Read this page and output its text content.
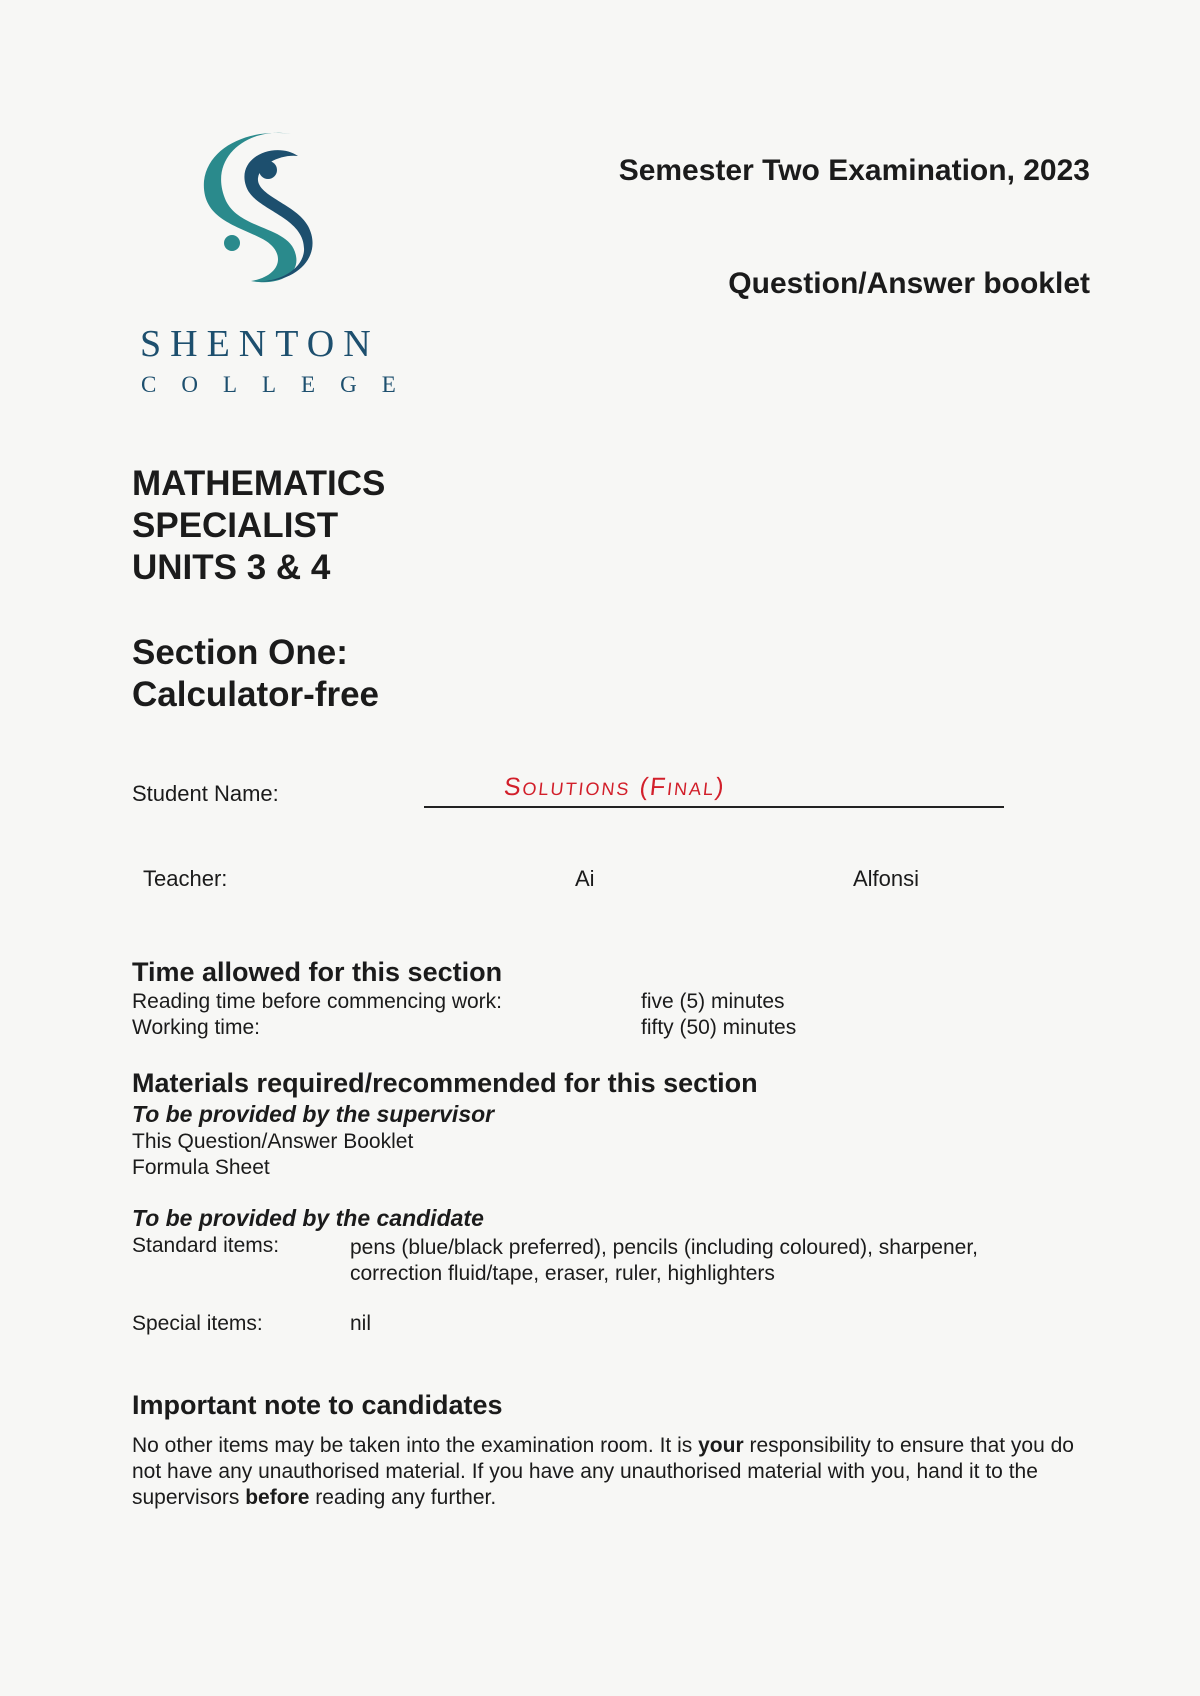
SHENTON

COLLEGE

Semester Two Examination, 2023

Question/Answer booklet

MATHEMATICS
SPECIALIST
UNITS 3 & 4
Section One:
Calculator-free

Student Name:	Solutions (Final)

Teacher:	Ai	Alfonsi

Time allowed for this section

Reading time before commencing work:	five (5) minutes

Working time:	fifty (50) minutes

Materials required/recommended for this section

To be provided by the supervisor

This Question/Answer Booklet

Formula Sheet

To be provided by the candidate

Standard items:	pens (blue/black preferred), pencils (including coloured), sharpener,

correction fluid/tape, eraser, ruler, highlighters

Special items:	nil

Important note to candidates

No other items may be taken into the examination room. It is your responsibility to ensure that you do not have any unauthorised material. If you have any unauthorised material with you, hand it to the supervisors before reading any further.
